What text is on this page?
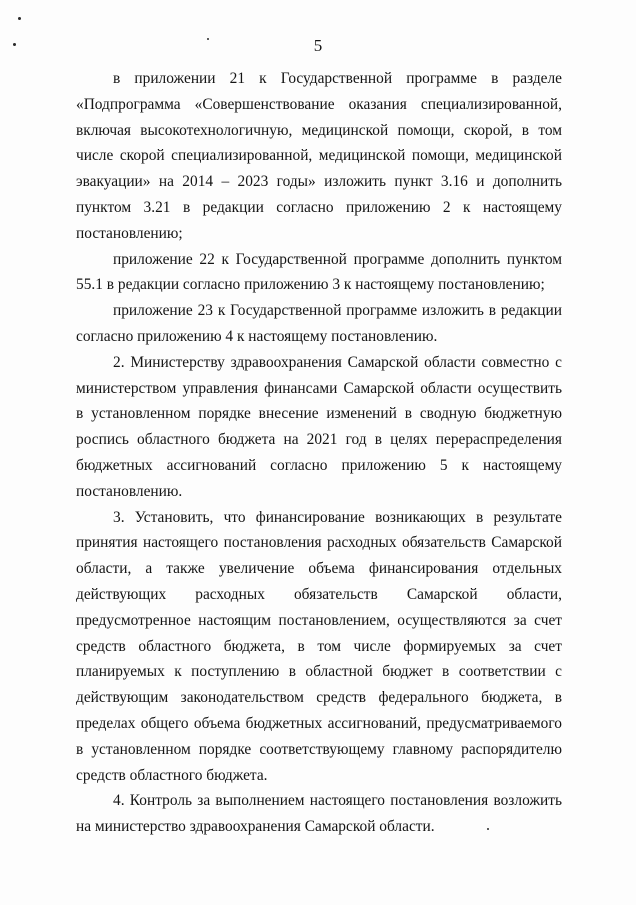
5

в приложении 21 к Государственной программе в разделе «Подпрограмма «Совершенствование оказания специализированной, включая высокотехнологичную, медицинской помощи, скорой, в том числе скорой специализированной, медицинской помощи, медицинской эвакуации» на 2014 – 2023 годы» изложить пункт 3.16 и дополнить пунктом 3.21 в редакции согласно приложению 2 к настоящему постановлению;

приложение 22 к Государственной программе дополнить пунктом 55.1 в редакции согласно приложению 3 к настоящему постановлению;

приложение 23 к Государственной программе изложить в редакции согласно приложению 4 к настоящему постановлению.

2. Министерству здравоохранения Самарской области совместно с министерством управления финансами Самарской области осуществить в установленном порядке внесение изменений в сводную бюджетную роспись областного бюджета на 2021 год в целях перераспределения бюджетных ассигнований согласно приложению 5 к настоящему постановлению.

3. Установить, что финансирование возникающих в результате принятия настоящего постановления расходных обязательств Самарской области, а также увеличение объема финансирования отдельных действующих расходных обязательств Самарской области, предусмотренное настоящим постановлением, осуществляются за счет средств областного бюджета, в том числе формируемых за счет планируемых к поступлению в областной бюджет в соответствии с действующим законодательством средств федерального бюджета, в пределах общего объема бюджетных ассигнований, предусматриваемого в установленном порядке соответствующему главному распорядителю средств областного бюджета.

4. Контроль за выполнением настоящего постановления возложить на министерство здравоохранения Самарской области.
